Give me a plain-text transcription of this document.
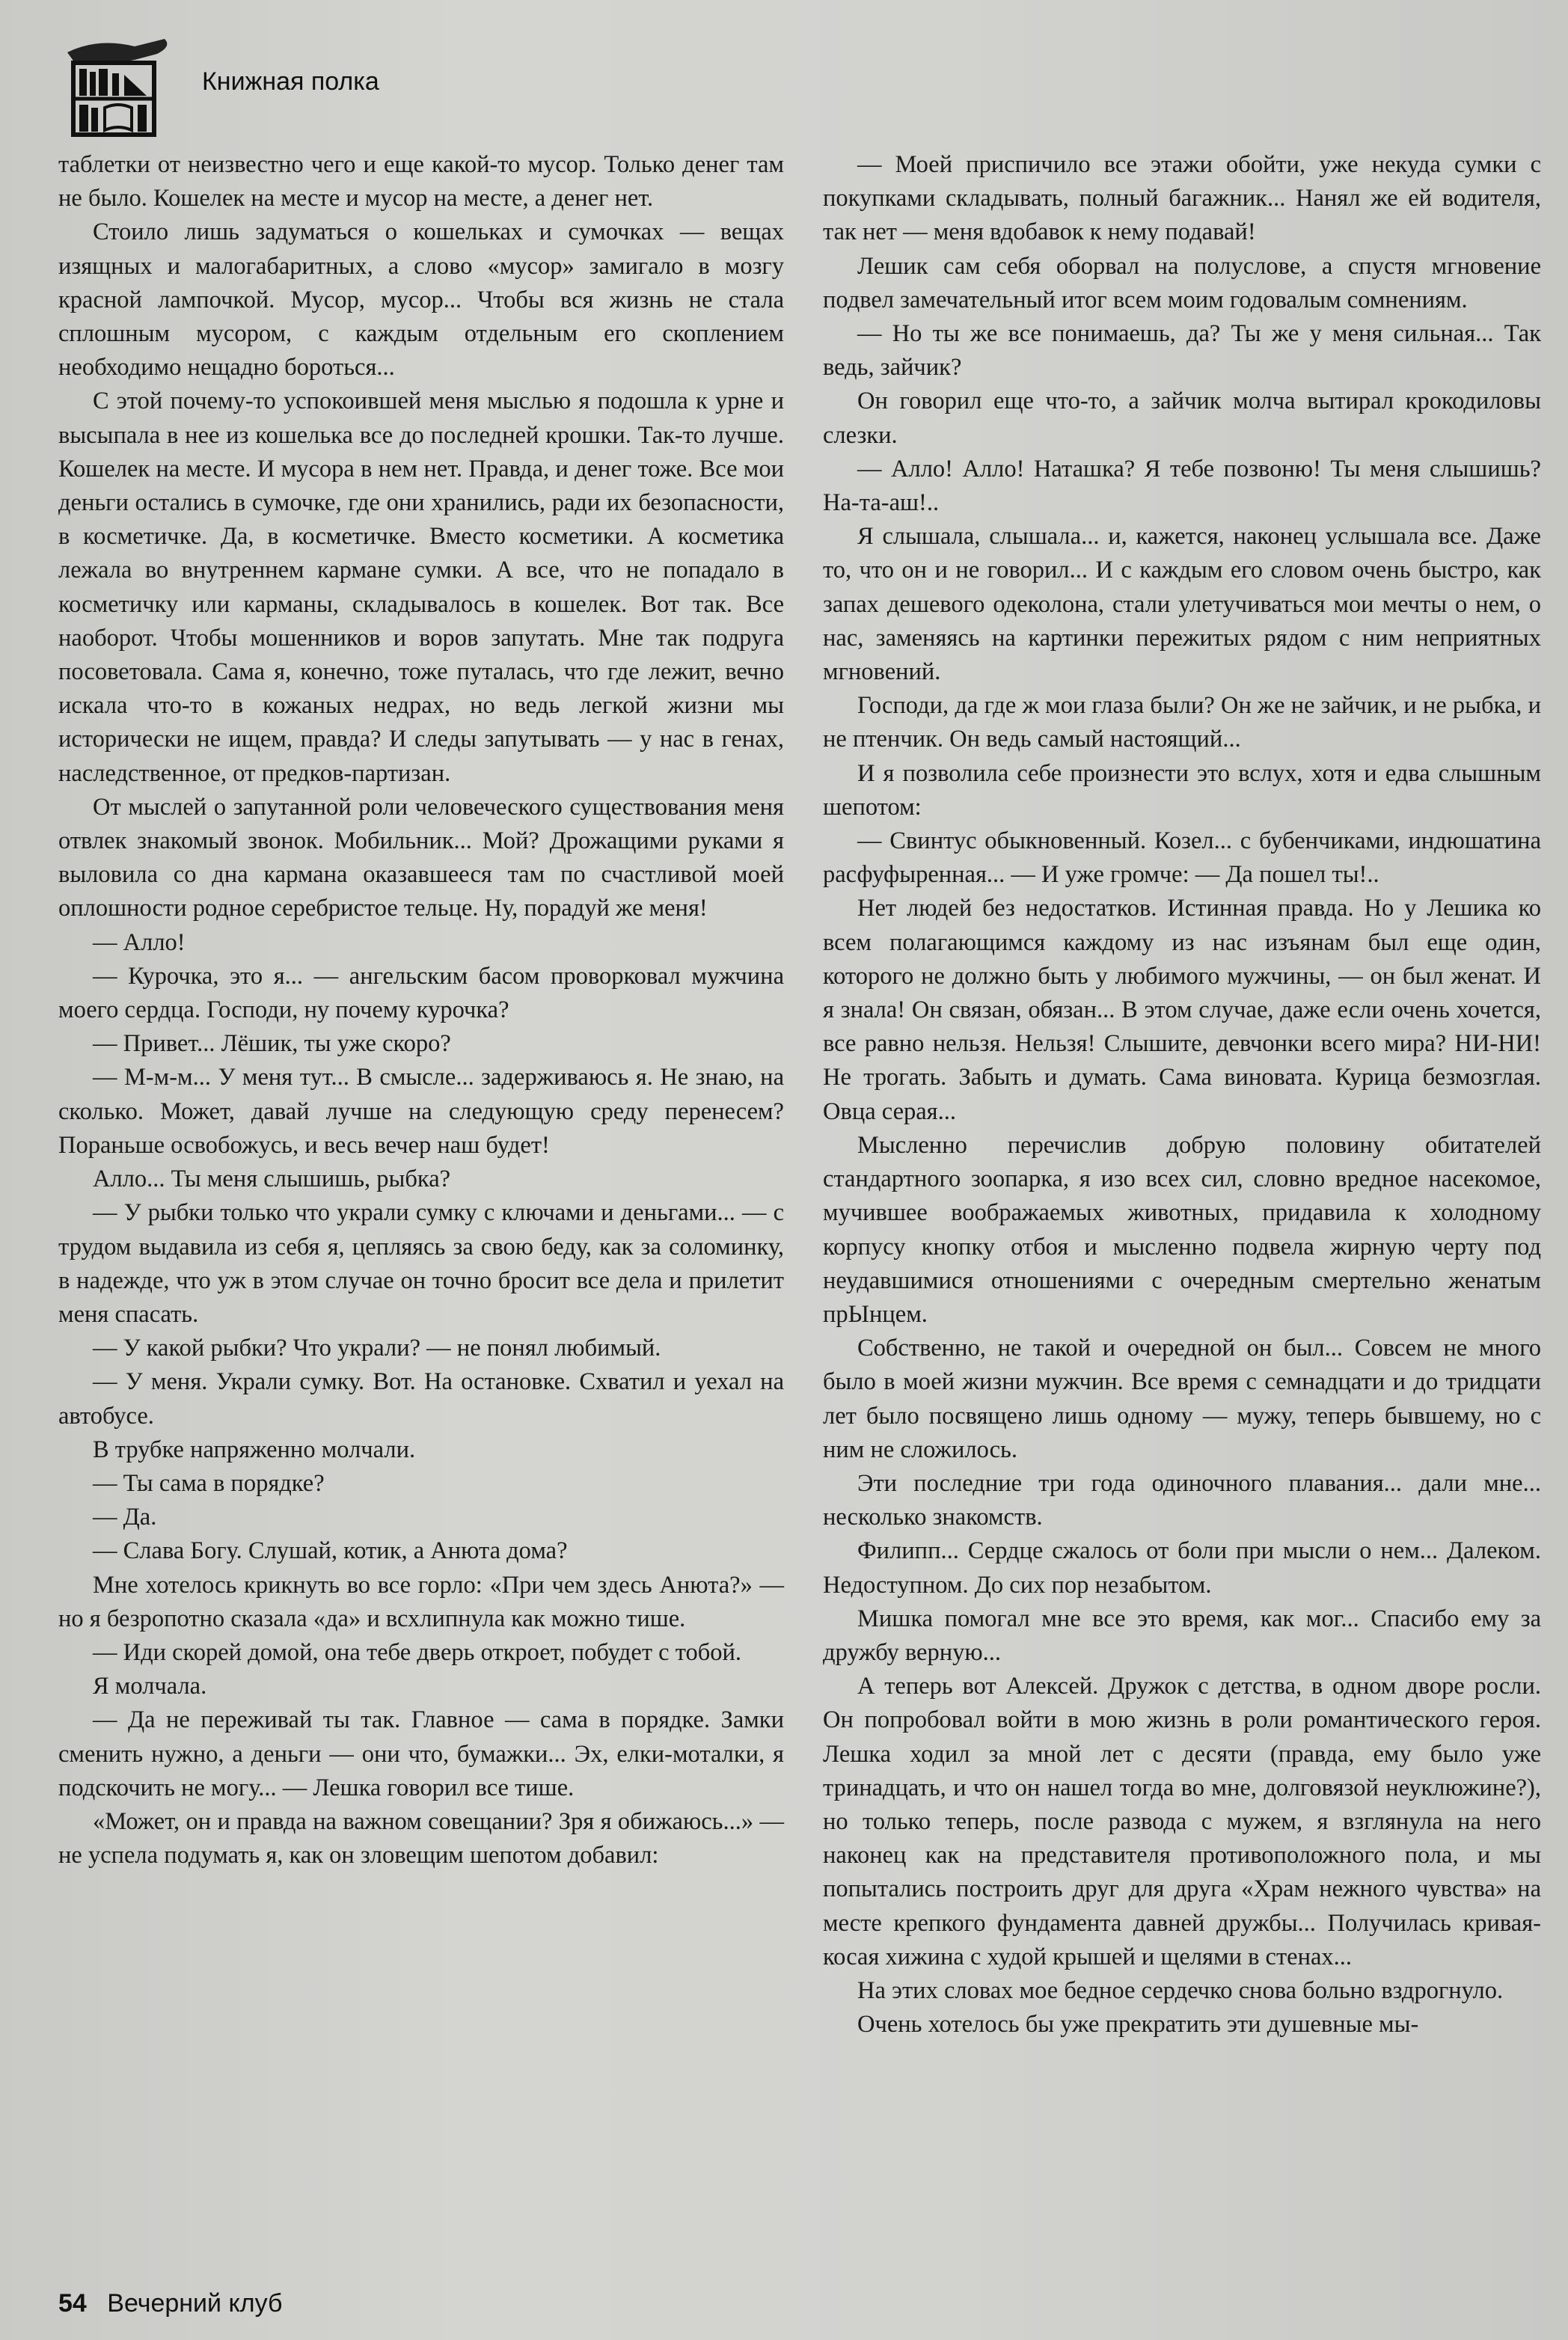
Книжная полка

таблетки от неизвестно чего и еще какой-то мусор. Только денег там не было. Кошелек на месте и мусор на месте, а денег нет.

Стоило лишь задуматься о кошельках и сумочках — вещах изящных и малогабаритных, а слово «мусор» замигало в мозгу красной лампочкой. Мусор, мусор... Чтобы вся жизнь не стала сплошным мусором, с каждым отдельным его скоплением необходимо нещадно бороться...

С этой почему-то успокоившей меня мыслью я подошла к урне и высыпала в нее из кошелька все до последней крошки. Так-то лучше. Кошелек на месте. И мусора в нем нет. Правда, и денег тоже. Все мои деньги остались в сумочке, где они хранились, ради их безопасности, в косметичке. Да, в косметичке. Вместо косметики. А косметика лежала во внутреннем кармане сумки. А все, что не попадало в косметичку или карманы, складывалось в кошелек. Вот так. Все наоборот. Чтобы мошенников и воров запутать. Мне так подруга посоветовала. Сама я, конечно, тоже путалась, что где лежит, вечно искала что-то в кожаных недрах, но ведь легкой жизни мы исторически не ищем, правда? И следы запутывать — у нас в генах, наследственное, от предков-партизан.

От мыслей о запутанной роли человеческого существования меня отвлек знакомый звонок. Мобильник... Мой? Дрожащими руками я выловила со дна кармана оказавшееся там по счастливой моей оплошности родное серебристое тельце. Ну, порадуй же меня!

— Алло!

— Курочка, это я... — ангельским басом проворковал мужчина моего сердца. Господи, ну почему курочка?

— Привет... Лёшик, ты уже скоро?

— М-м-м... У меня тут... В смысле... задерживаюсь я. Не знаю, на сколько. Может, давай лучше на следующую среду перенесем? Пораньше освобожусь, и весь вечер наш будет!

Алло... Ты меня слышишь, рыбка?

— У рыбки только что украли сумку с ключами и деньгами... — с трудом выдавила из себя я, цепляясь за свою беду, как за соломинку, в надежде, что уж в этом случае он точно бросит все дела и прилетит меня спасать.

— У какой рыбки? Что украли? — не понял любимый.

— У меня. Украли сумку. Вот. На остановке. Схватил и уехал на автобусе.

В трубке напряженно молчали.

— Ты сама в порядке?

— Да.

— Слава Богу. Слушай, котик, а Анюта дома?

Мне хотелось крикнуть во все горло: «При чем здесь Анюта?» — но я безропотно сказала «да» и всхлипнула как можно тише.

— Иди скорей домой, она тебе дверь откроет, побудет с тобой.

Я молчала.

— Да не переживай ты так. Главное — сама в порядке. Замки сменить нужно, а деньги — они что, бумажки... Эх, елки-моталки, я подскочить не могу... — Лешка говорил все тише.

«Может, он и правда на важном совещании? Зря я обижаюсь...» — не успела подумать я, как он зловещим шепотом добавил:

— Моей приспичило все этажи обойти, уже некуда сумки с покупками складывать, полный багажник... Нанял же ей водителя, так нет — меня вдобавок к нему подавай!

Лешик сам себя оборвал на полуслове, а спустя мгновение подвел замечательный итог всем моим годовалым сомнениям.

— Но ты же все понимаешь, да? Ты же у меня сильная... Так ведь, зайчик?

Он говорил еще что-то, а зайчик молча вытирал крокодиловы слезки.

— Алло! Алло! Наташка? Я тебе позвоню! Ты меня слышишь? На-та-аш!..

Я слышала, слышала... и, кажется, наконец услышала все. Даже то, что он и не говорил... И с каждым его словом очень быстро, как запах дешевого одеколона, стали улетучиваться мои мечты о нем, о нас, заменяясь на картинки пережитых рядом с ним неприятных мгновений.

Господи, да где ж мои глаза были? Он же не зайчик, и не рыбка, и не птенчик. Он ведь самый настоящий...

И я позволила себе произнести это вслух, хотя и едва слышным шепотом:

— Свинтус обыкновенный. Козел... с бубенчиками, индюшатина расфуфыренная... — И уже громче: — Да пошел ты!..

Нет людей без недостатков. Истинная правда. Но у Лешика ко всем полагающимся каждому из нас изъянам был еще один, которого не должно быть у любимого мужчины, — он был женат. И я знала! Он связан, обязан... В этом случае, даже если очень хочется, все равно нельзя. Нельзя! Слышите, девчонки всего мира? НИ-НИ! Не трогать. Забыть и думать. Сама виновата. Курица безмозглая. Овца серая...

Мысленно перечислив добрую половину обитателей стандартного зоопарка, я изо всех сил, словно вредное насекомое, мучившее воображаемых животных, придавила к холодному корпусу кнопку отбоя и мысленно подвела жирную черту под неудавшимися отношениями с очередным смертельно женатым прЫнцем.

Собственно, не такой и очередной он был... Совсем не много было в моей жизни мужчин. Все время с семнадцати и до тридцати лет было посвящено лишь одному — мужу, теперь бывшему, но с ним не сложилось.

Эти последние три года одиночного плавания... дали мне... несколько знакомств.

Филипп... Сердце сжалось от боли при мысли о нем... Далеком. Недоступном. До сих пор незабытом.

Мишка помогал мне все это время, как мог... Спасибо ему за дружбу верную...

А теперь вот Алексей. Дружок с детства, в одном дворе росли. Он попробовал войти в мою жизнь в роли романтического героя. Лешка ходил за мной лет с десяти (правда, ему было уже тринадцать, и что он нашел тогда во мне, долговязой неуклюжине?), но только теперь, после развода с мужем, я взглянула на него наконец как на представителя противоположного пола, и мы попытались построить друг для друга «Храм нежного чувства» на месте крепкого фундамента давней дружбы... Получилась кривая-косая хижина с худой крышей и щелями в стенах...

На этих словах мое бедное сердечко снова больно вздрогнуло.

Очень хотелось бы уже прекратить эти душевные мы-

54 Вечерний клуб
